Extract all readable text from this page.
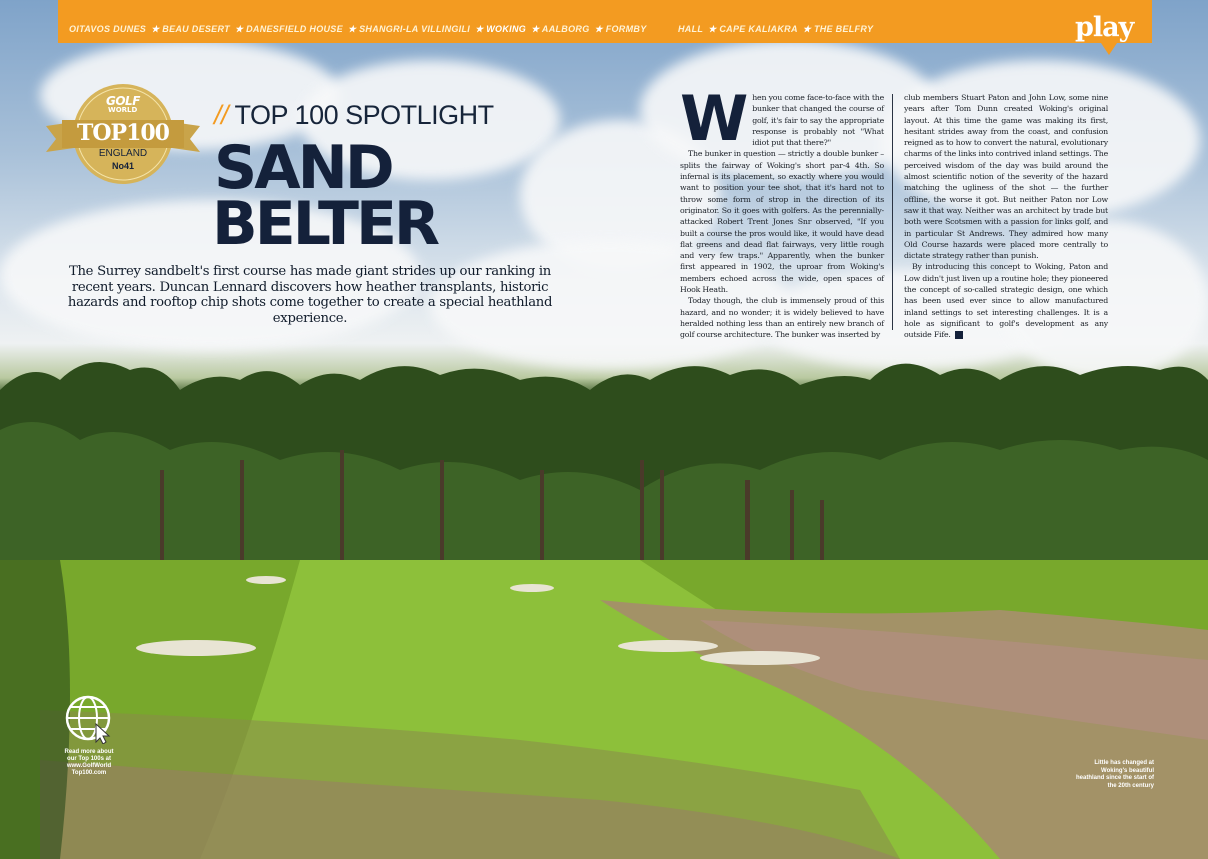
OITAVOS DUNES ★ BEAU DESERT ★ DANESFIELD HOUSE ★ SHANGRI-LA VILLINGILI ★ WOKING ★ AALBORG ★ FORMBY	HALL ★ CAPE KALIAKRA ★ THE BELFRY	play
GOLF
WORLD
TOP100
ENGLAND
No41
// TOP 100 SPOTLIGHT
SAND
BELTER
The Surrey sandbelt's first course has made giant strides up our ranking in recent years. Duncan Lennard discovers how heather transplants, historic hazards and rooftop chip shots come together to create a special heathland experience.

When you come face-to-face with the bunker that changed the course of golf, it's fair to say the appropriate response is probably not "What idiot put that there?"

The bunker in question — strictly a double bunker – splits the fairway of Woking's short par-4 4th. So infernal is its placement, so exactly where you would want to position your tee shot, that it's hard not to throw some form of strop in the direction of its originator. So it goes with golfers. As the perennially-attacked Robert Trent Jones Snr observed, "If you built a course the pros would like, it would have dead flat greens and dead flat fairways, very little rough and very few traps." Apparently, when the bunker first appeared in 1902, the uproar from Woking's members echoed across the wide, open spaces of Hook Heath.

Today though, the club is immensely proud of this hazard, and no wonder; it is widely believed to have heralded nothing less than an entirely new branch of golf course architecture. The bunker was inserted by

club members Stuart Paton and John Low, some nine years after Tom Dunn created Woking's original layout. At this time the game was making its first, hesitant strides away from the coast, and confusion reigned as to how to convert the natural, evolutionary charms of the links into contrived inland settings. The perceived wisdom of the day was build around the almost scientific notion of the severity of the hazard matching the ugliness of the shot — the further offline, the worse it got. But neither Paton nor Low saw it that way. Neither was an architect by trade but both were Scotsmen with a passion for links golf, and in particular St Andrews. They admired how many Old Course hazards were placed more centrally to dictate strategy rather than punish.

By introducing this concept to Woking, Paton and Low didn't just liven up a routine hole; they pioneered the concept of so-called strategic design, one which has been used ever since to allow manufactured inland settings to set interesting challenges. It is a hole as significant to golf's development as any outside Fife. ›

Read more about
our Top 100s at
www.GolfWorld
Top100.com
Little has changed at Woking's beautiful heathland since the start of the 20th century
